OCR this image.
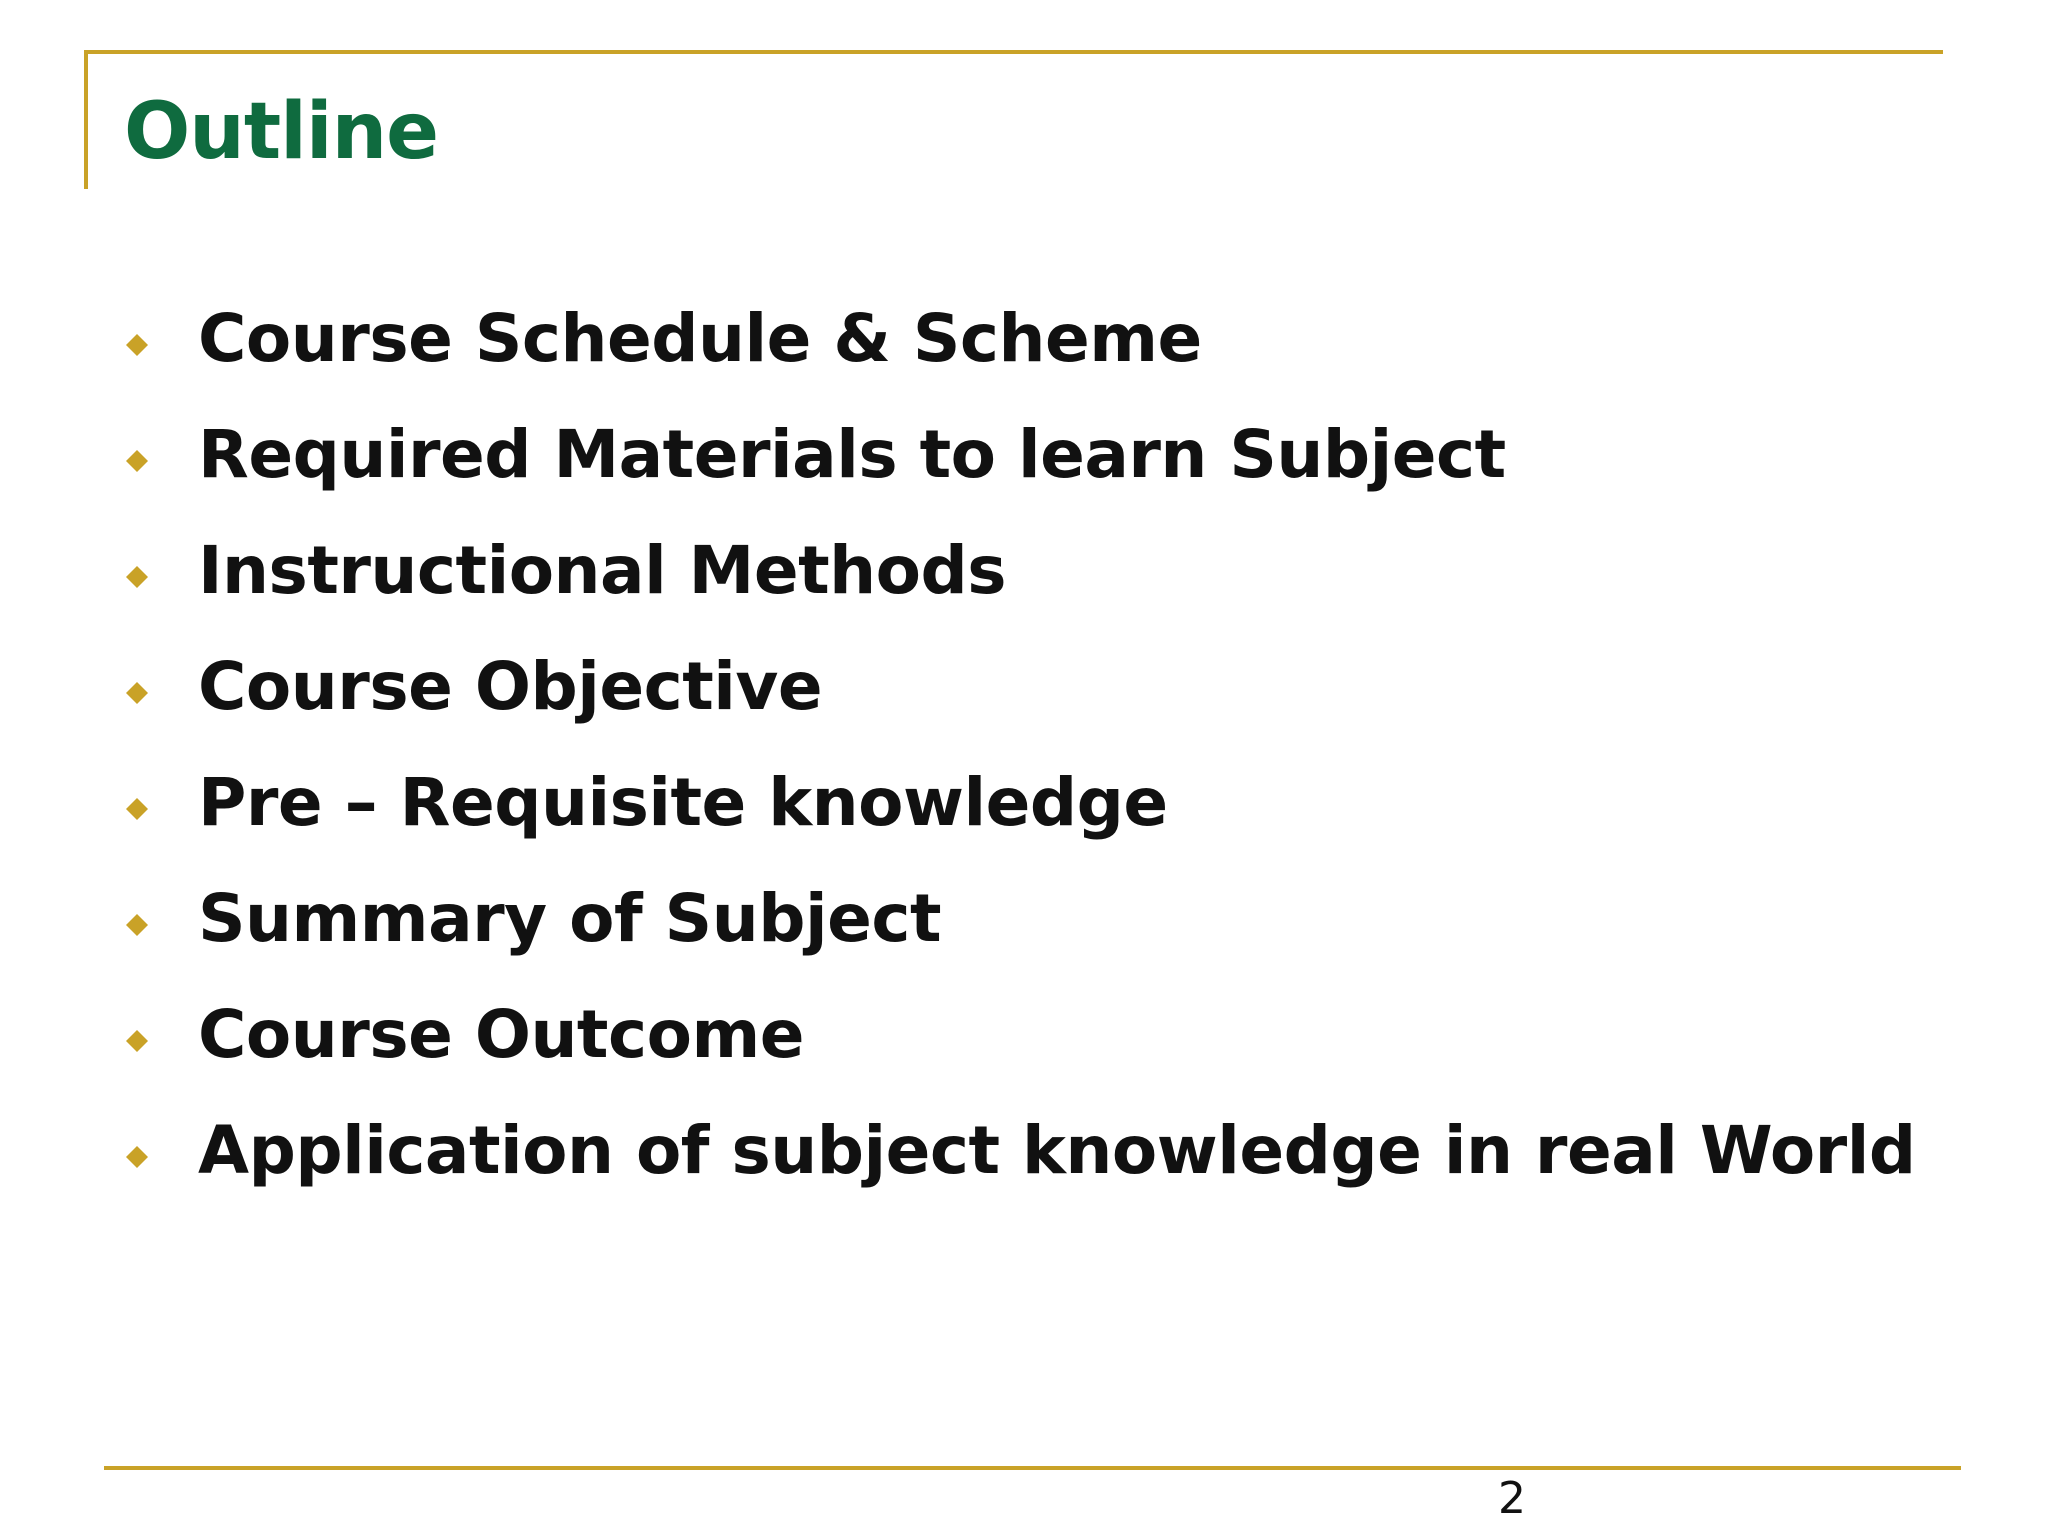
Outline
Course Schedule & Scheme
Required Materials to learn Subject
Instructional Methods
Course Objective
Pre – Requisite knowledge
Summary of Subject
Course Outcome
Application of subject knowledge in real World
2
